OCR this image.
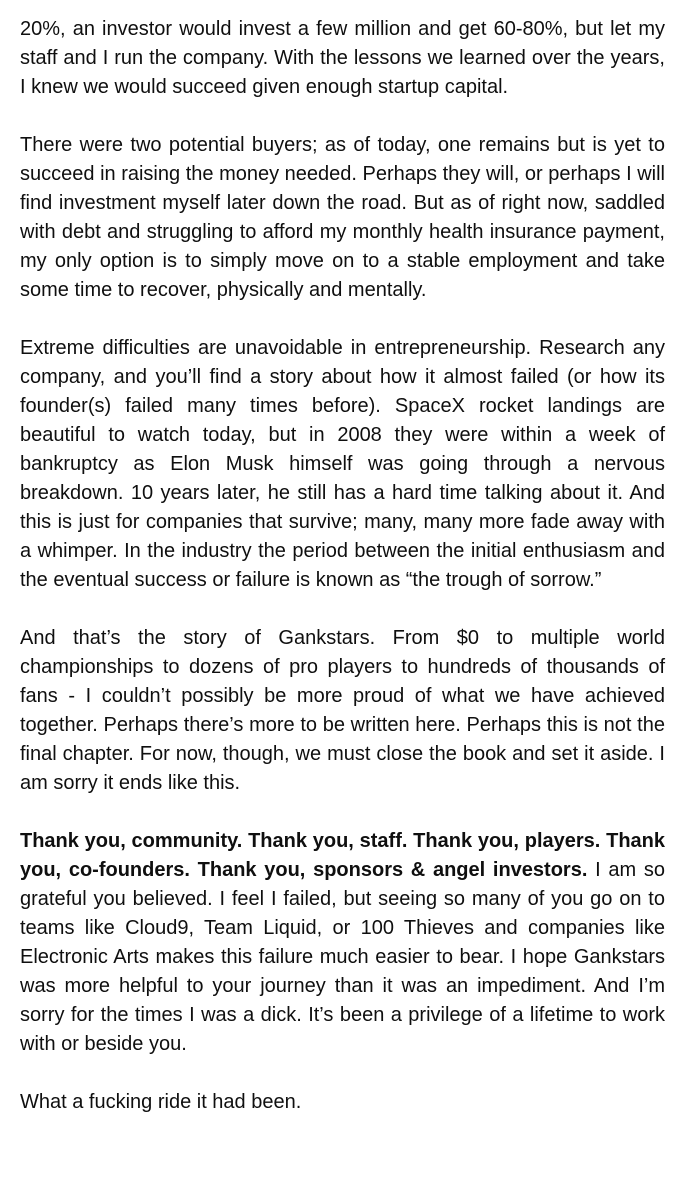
20%, an investor would invest a few million and get 60-80%, but let my staff and I run the company. With the lessons we learned over the years, I knew we would succeed given enough startup capital.

There were two potential buyers; as of today, one remains but is yet to succeed in raising the money needed. Perhaps they will, or perhaps I will find investment myself later down the road. But as of right now, saddled with debt and struggling to afford my monthly health insurance payment, my only option is to simply move on to a stable employment and take some time to recover, physically and mentally.

Extreme difficulties are unavoidable in entrepreneurship. Research any company, and you’ll find a story about how it almost failed (or how its founder(s) failed many times before). SpaceX rocket landings are beautiful to watch today, but in 2008 they were within a week of bankruptcy as Elon Musk himself was going through a nervous breakdown. 10 years later, he still has a hard time talking about it. And this is just for companies that survive; many, many more fade away with a whimper. In the industry the period between the initial enthusiasm and the eventual success or failure is known as “the trough of sorrow.”

And that’s the story of Gankstars. From $0 to multiple world championships to dozens of pro players to hundreds of thousands of fans - I couldn’t possibly be more proud of what we have achieved together. Perhaps there’s more to be written here. Perhaps this is not the final chapter. For now, though, we must close the book and set it aside. I am sorry it ends like this.

Thank you, community. Thank you, staff. Thank you, players. Thank you, co-founders. Thank you, sponsors & angel investors. I am so grateful you believed. I feel I failed, but seeing so many of you go on to teams like Cloud9, Team Liquid, or 100 Thieves and companies like Electronic Arts makes this failure much easier to bear. I hope Gankstars was more helpful to your journey than it was an impediment. And I’m sorry for the times I was a dick. It’s been a privilege of a lifetime to work with or beside you.

What a fucking ride it had been.
